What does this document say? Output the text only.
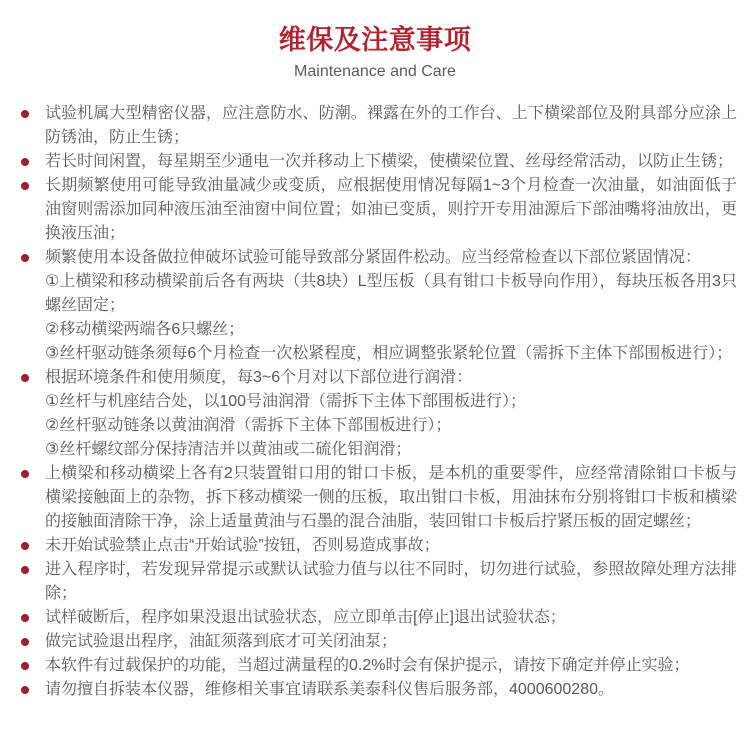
维保及注意事项
Maintenance and Care
试验机属大型精密仪器，应注意防水、防潮。裸露在外的工作台、上下横梁部位及附具部分应涂上防锈油，防止生锈；
若长时间闲置，每星期至少通电一次并移动上下横梁，使横梁位置、丝母经常活动，以防止生锈；
长期频繁使用可能导致油量减少或变质，应根据使用情况每隔1~3个月检查一次油量，如油面低于油窗则需添加同种液压油至油窗中间位置；如油已变质，则拧开专用油源后下部油嘴将油放出，更换液压油；
频繁使用本设备做拉伸破坏试验可能导致部分紧固件松动。应当经常检查以下部位紧固情况：
①上横梁和移动横梁前后各有两块（共8块）L型压板（具有钳口卡板导向作用），每块压板各用3只螺丝固定；
②移动横梁两端各6只螺丝；
③丝杆驱动链条须每6个月检查一次松紧程度，相应调整张紧轮位置（需拆下主体下部围板进行）；
根据环境条件和使用频度，每3~6个月对以下部位进行润滑：
①丝杆与机座结合处，以100号油润滑（需拆下主体下部围板进行）；
②丝杆驱动链条以黄油润滑（需拆下主体下部围板进行）；
③丝杆螺纹部分保持清洁并以黄油或二硫化钼润滑；
上横梁和移动横梁上各有2只装置钳口用的钳口卡板，是本机的重要零件，应经常清除钳口卡板与横梁接触面上的杂物，拆下移动横梁一侧的压板，取出钳口卡板，用油抹布分别将钳口卡板和横梁的接触面清除干净，涂上适量黄油与石墨的混合油脂，装回钳口卡板后拧紧压板的固定螺丝；
未开始试验禁止点击“开始试验”按钮，否则易造成事故；
进入程序时，若发现异常提示或默认试验力值与以往不同时，切勿进行试验，参照故障处理方法排除；
试样破断后，程序如果没退出试验状态，应立即单击[停止]退出试验状态；
做完试验退出程序，油缸须落到底才可关闭油泵；
本软件有过载保护的功能，当超过满量程的0.2%时会有保护提示，请按下确定并停止实验；
请勿擅自拆装本仪器，维修相关事宜请联系美泰科仪售后服务部，4000600280。
